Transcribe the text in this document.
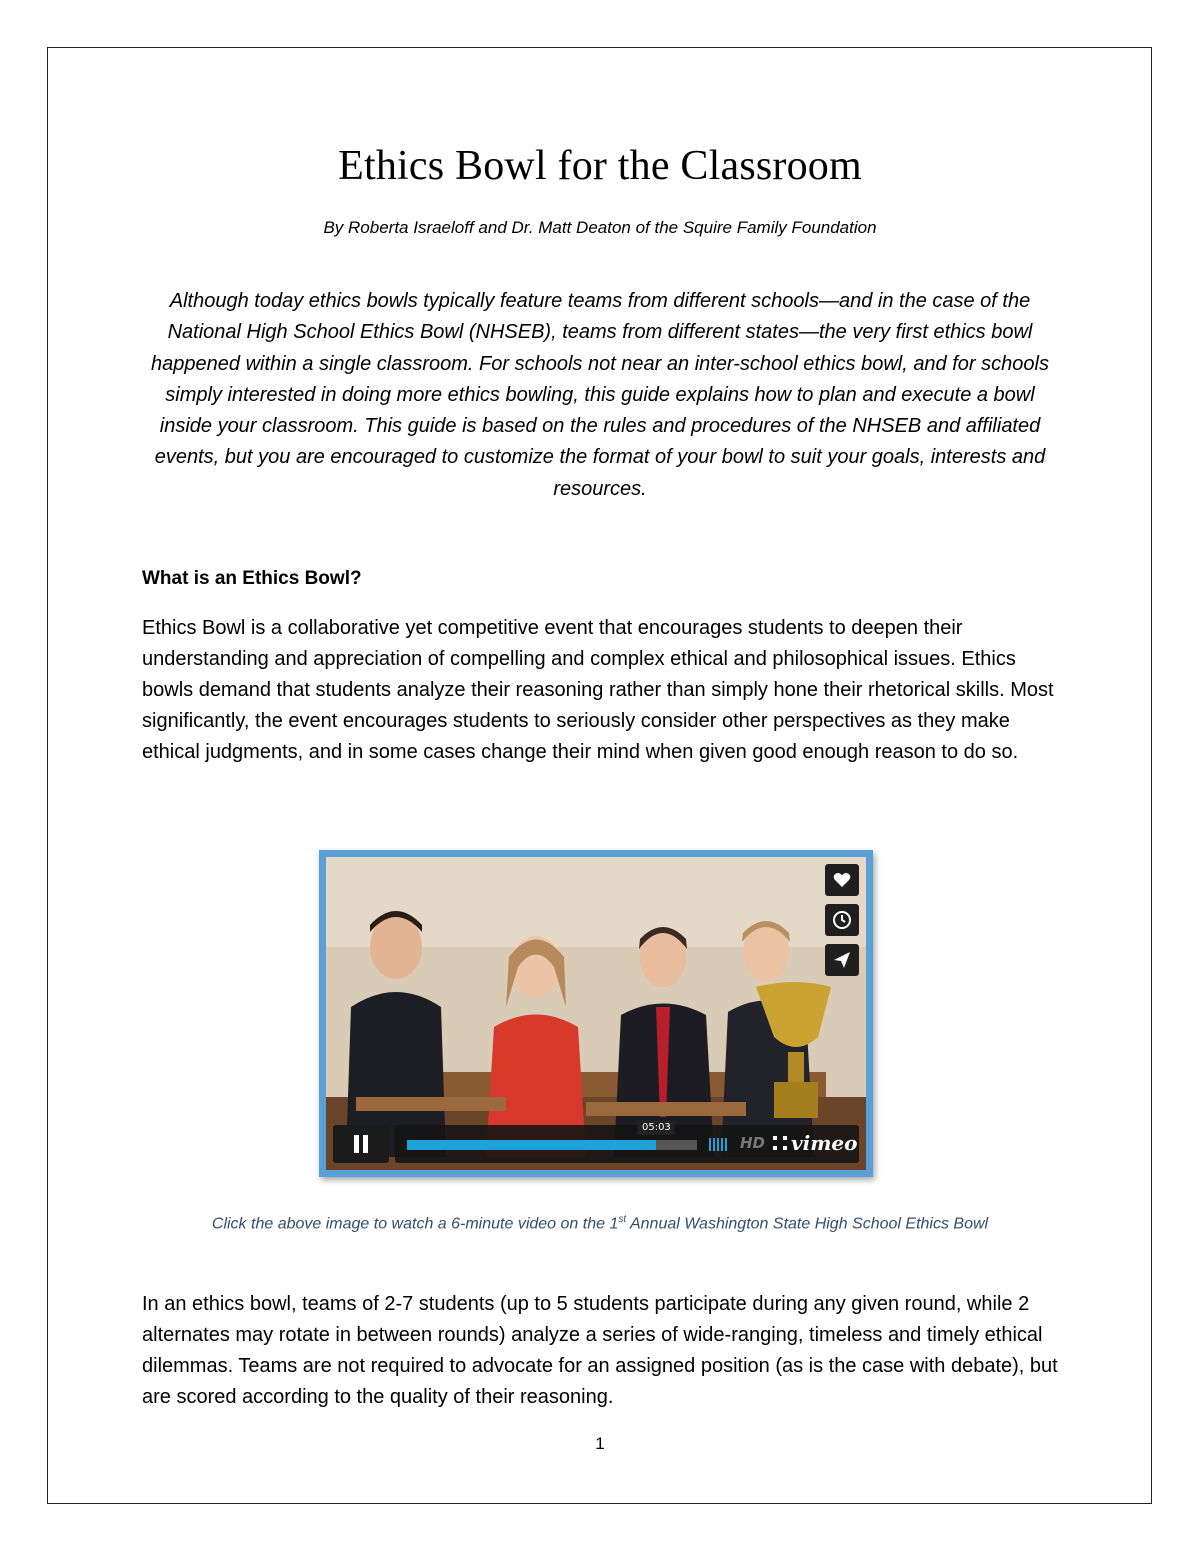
Ethics Bowl for the Classroom
By Roberta Israeloff and Dr. Matt Deaton of the Squire Family Foundation
Although today ethics bowls typically feature teams from different schools—and in the case of the National High School Ethics Bowl (NHSEB), teams from different states—the very first ethics bowl happened within a single classroom. For schools not near an inter-school ethics bowl, and for schools simply interested in doing more ethics bowling, this guide explains how to plan and execute a bowl inside your classroom. This guide is based on the rules and procedures of the NHSEB and affiliated events, but you are encouraged to customize the format of your bowl to suit your goals, interests and resources.
What is an Ethics Bowl?

Ethics Bowl is a collaborative yet competitive event that encourages students to deepen their understanding and appreciation of compelling and complex ethical and philosophical issues. Ethics bowls demand that students analyze their reasoning rather than simply hone their rhetorical skills. Most significantly, the event encourages students to seriously consider other perspectives as they make ethical judgments, and in some cases change their mind when given good enough reason to do so.

05:03
HD vimeo
Click the above image to watch a 6-minute video on the 1st Annual Washington State High School Ethics Bowl

In an ethics bowl, teams of 2-7 students (up to 5 students participate during any given round, while 2 alternates may rotate in between rounds) analyze a series of wide-ranging, timeless and timely ethical dilemmas. Teams are not required to advocate for an assigned position (as is the case with debate), but are scored according to the quality of their reasoning.

1
